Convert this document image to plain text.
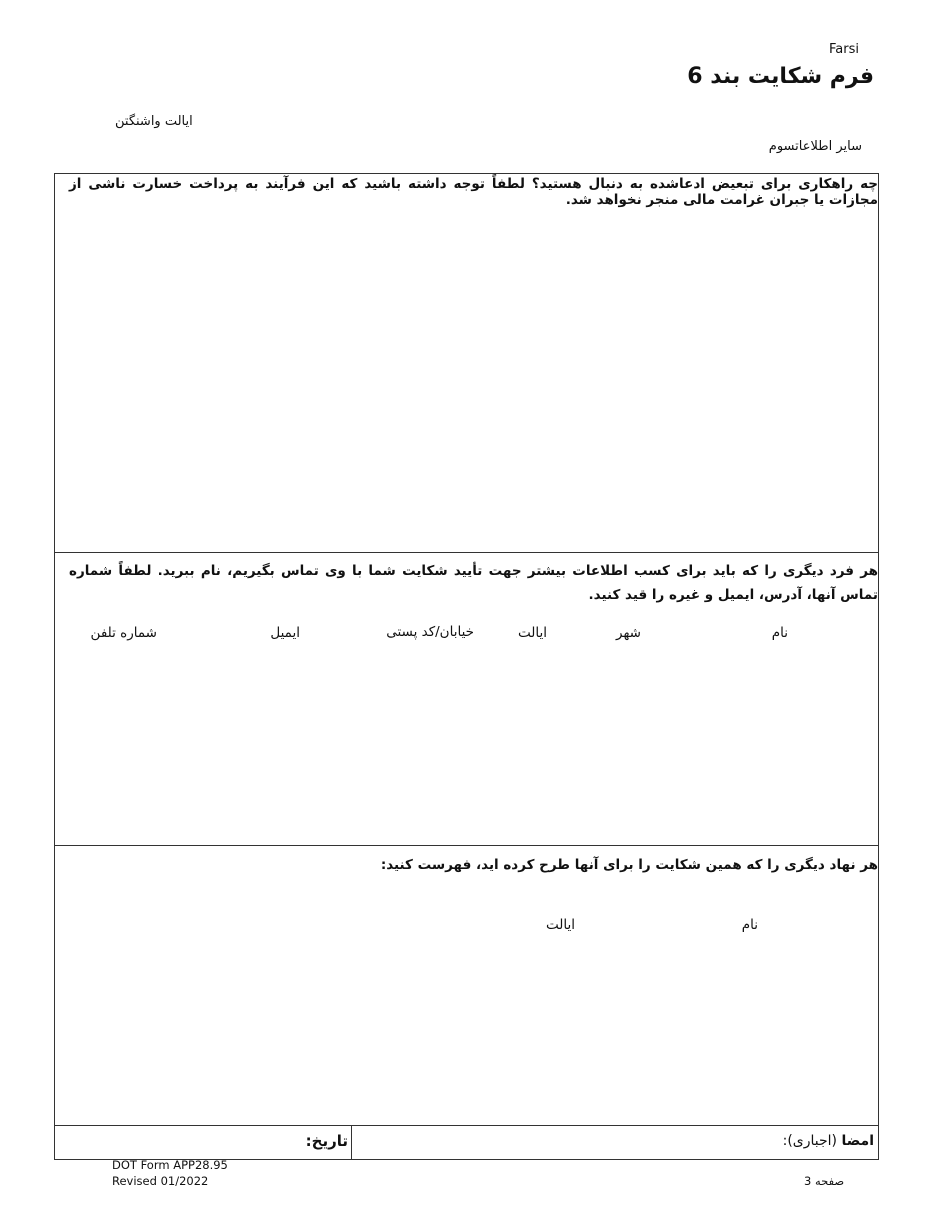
Farsi
فرم شکایت بند 6
ایالت واشنگتن
سایر اطلاعاتسوم
چه راهکاری برای تبعیض ادعاشده به دنبال هستید؟ لطفاً توجه داشته باشید که این فرآیند به پرداخت خسارت ناشی از مجازات یا جبران غرامت مالی منجر نخواهد شد.
هر فرد دیگری را که باید برای کسب اطلاعات بیشتر جهت تأیید شکایت شما با وی تماس بگیریم، نام ببرید. لطفاً شماره تماس آنها، آدرس، ایمیل و غیره را قید کنید.
نام
شهر
ایالت
خیابان/کد پستی
ایمیل
شماره تلفن
هر نهاد دیگری را که همین شکایت را برای آنها طرح کرده اید، فهرست کنید:
نام
ایالت
امضا (اجباری):
تاریخ:
DOT Form APP28.95
Revised 01/2022	صفحه 3
